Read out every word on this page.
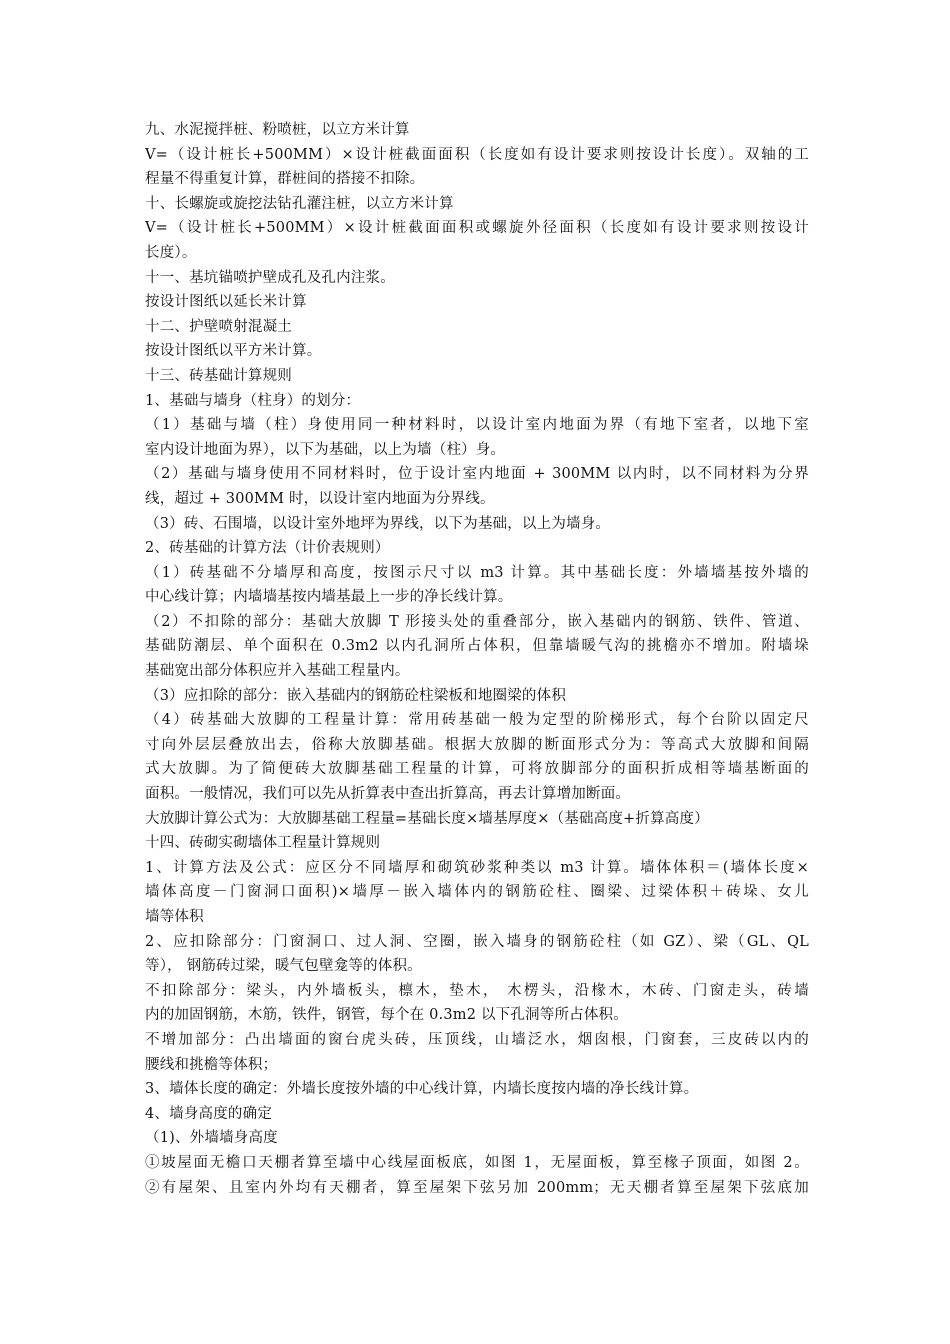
九、水泥搅拌桩、粉喷桩，以立方米计算
V=（设计桩长+500MM）×设计桩截面面积（长度如有设计要求则按设计长度）。双轴的工
程量不得重复计算，群桩间的搭接不扣除。
十、长螺旋或旋挖法钻孔灌注桩，以立方米计算
V=（设计桩长+500MM）×设计桩截面面积或螺旋外径面积（长度如有设计要求则按设计
长度）。
十一、基坑锚喷护壁成孔及孔内注浆。
按设计图纸以延长米计算
十二、护壁喷射混凝土
按设计图纸以平方米计算。
十三、砖基础计算规则
1、基础与墙身（柱身）的划分：
（1）基础与墙（柱）身使用同一种材料时，以设计室内地面为界（有地下室者，以地下室
室内设计地面为界），以下为基础，以上为墙（柱）身。
（2）基础与墙身使用不同材料时，位于设计室内地面 + 300MM 以内时，以不同材料为分界
线，超过 + 300MM 时，以设计室内地面为分界线。
（3）砖、石围墙，以设计室外地坪为界线，以下为基础，以上为墙身。
2、砖基础的计算方法（计价表规则）
（1）砖基础不分墙厚和高度，按图示尺寸以 m3 计算。其中基础长度：外墙墙基按外墙的
中心线计算；内墙墙基按内墙基最上一步的净长线计算。
（2）不扣除的部分：基础大放脚 T 形接头处的重叠部分，嵌入基础内的钢筋、铁件、管道、
基础防潮层、单个面积在 0.3m2 以内孔洞所占体积，但靠墙暖气沟的挑檐亦不增加。附墙垛
基础宽出部分体积应并入基础工程量内。
（3）应扣除的部分：嵌入基础内的钢筋砼柱梁板和地圈梁的体积
（4）砖基础大放脚的工程量计算：常用砖基础一般为定型的阶梯形式，每个台阶以固定尺
寸向外层层叠放出去，俗称大放脚基础。根据大放脚的断面形式分为：等高式大放脚和间隔
式大放脚。为了简便砖大放脚基础工程量的计算，可将放脚部分的面积折成相等墙基断面的
面积。一般情况，我们可以先从折算表中查出折算高，再去计算增加断面。
大放脚计算公式为：大放脚基础工程量=基础长度×墙基厚度×（基础高度+折算高度）
十四、砖砌实砌墙体工程量计算规则
1、计算方法及公式：应区分不同墙厚和砌筑砂浆种类以 m3 计算。墙体体积＝(墙体长度×
墙体高度－门窗洞口面积)×墙厚－嵌入墙体内的钢筋砼柱、圈梁、过梁体积＋砖垛、女儿
墙等体积
2、应扣除部分：门窗洞口、过人洞、空圈，嵌入墙身的钢筋砼柱（如 GZ）、梁（GL、QL
等）， 钢筋砖过梁，暖气包壁龛等的体积。
不扣除部分：梁头，内外墙板头，檩木，垫木， 木楞头，沿椽木，木砖、门窗走头，砖墙
内的加固钢筋，木筋，铁件，钢管，每个在 0.3m2 以下孔洞等所占体积。
不增加部分：凸出墙面的窗台虎头砖，压顶线，山墙泛水，烟囱根，门窗套，三皮砖以内的
腰线和挑檐等体积；
3、墙体长度的确定：外墙长度按外墙的中心线计算，内墙长度按内墙的净长线计算。
4、墙身高度的确定
（1)、外墙墙身高度
①坡屋面无檐口天棚者算至墙中心线屋面板底，如图 1，无屋面板，算至椽子顶面，如图 2。
②有屋架、且室内外均有天棚者，算至屋架下弦另加 200mm；无天棚者算至屋架下弦底加
